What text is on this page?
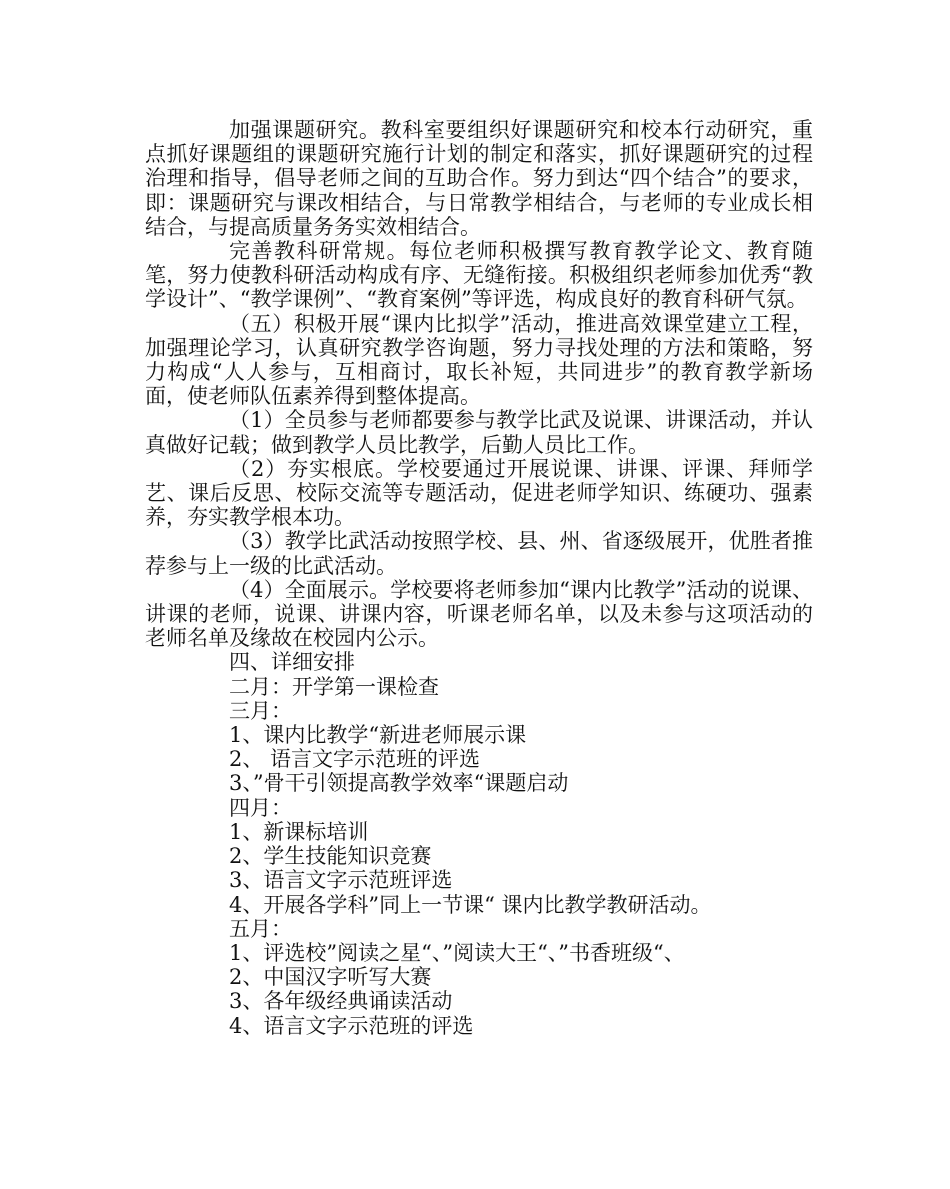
加强课题研究。教科室要组织好课题研究和校本行动研究，重点抓好课题组的课题研究施行计划的制定和落实，抓好课题研究的过程治理和指导，倡导老师之间的互助合作。努力到达“四个结合”的要求，即：课题研究与课改相结合，与日常教学相结合，与老师的专业成长相结合，与提高质量务务实效相结合。

完善教科研常规。每位老师积极撰写教育教学论文、教育随笔，努力使教科研活动构成有序、无缝衔接。积极组织老师参加优秀“教学设计”、“教学课例”、“教育案例”等评选，构成良好的教育科研气氛。

（五）积极开展“课内比拟学”活动，推进高效课堂建立工程，加强理论学习，认真研究教学咨询题，努力寻找处理的方法和策略，努力构成“人人参与，互相商讨，取长补短，共同进步”的教育教学新场面，使老师队伍素养得到整体提高。

（1）全员参与老师都要参与教学比武及说课、讲课活动，并认真做好记载；做到教学人员比教学，后勤人员比工作。

（2）夯实根底。学校要通过开展说课、讲课、评课、拜师学艺、课后反思、校际交流等专题活动，促进老师学知识、练硬功、强素养，夯实教学根本功。

（3）教学比武活动按照学校、县、州、省逐级展开，优胜者推荐参与上一级的比武活动。

（4）全面展示。学校要将老师参加“课内比教学”活动的说课、讲课的老师，说课、讲课内容，听课老师名单，以及未参与这项活动的老师名单及缘故在校园内公示。

四、详细安排

二月：开学第一课检查

三月：

1、课内比教学“新进老师展示课

2、 语言文字示范班的评选

3、”骨干引领提高教学效率“课题启动

四月：

1、新课标培训

2、学生技能知识竞赛

3、语言文字示范班评选

4、开展各学科”同上一节课“ 课内比教学教研活动。

五月：

1、评选校”阅读之星“、”阅读大王“、”书香班级“、

2、中国汉字听写大赛

3、各年级经典诵读活动

4、语言文字示范班的评选
